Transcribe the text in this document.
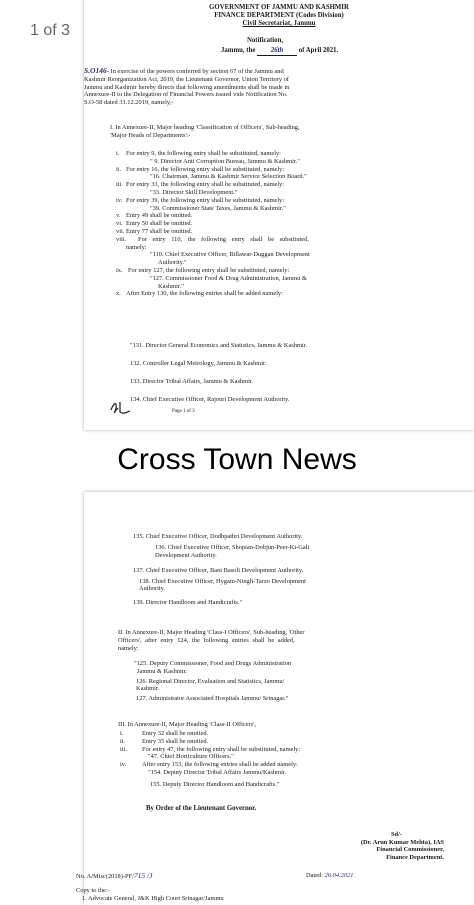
1 of 3
GOVERNMENT OF JAMMU AND KASHMIR
FINANCE DEPARTMENT (Codes Division)
Civil Secretariat, Jammu
Notification,
Jammu, the 26th of April 2021.
S.O146- In exercise of the powers conferred by section 67 of the Jammu and
Kashmir Reorganization Act, 2019, the Lieutenant Governor, Union Territory of
Jammu and Kashmir hereby directs that following amendments shall be made in
Annexure-II to the Delegation of Financial Powers issued vide Notification No.
S.O-58 dated 31.12.2019, namely,-
I. In Annexure-II, Major heading 'Classification of Officers', Sub-heading,
'Major Heads of Departments':-
i. For entry 9, the following entry shall be substituted, namely:
" 9. Director Anti Corruption Bureau, Jammu & Kashmir."
ii. For entry 16, the following entry shall be substituted, namely:
"16. Chairman, Jammu & Kashmir Service Selection Board."
iii. For entry 33, the following entry shall be substituted, namely:
"33. Director Skill Development."
iv. For entry 39, the following entry shall be substituted, namely:
"39. Commissioner State Taxes, Jammu & Kashmir."
v. Entry 49 shall be omitted.
vi. Entry 50 shall be omitted.
vii. Entry 77 shall be omitted.
viii. For entry 110, the following entry shall be substituted,
namely:
"110. Chief Executive Officer, Billawar-Duggan Development
Authority."
ix. For entry 127, the following entry shall be substituted, namely:
"127. Commissioner Food & Drug Administration, Jammu &
Kashmir."
x. After Entry 130, the following entries shall be added namely:
"131. Director General Economics and Statistics, Jammu & Kashmir.
132. Controller Legal Metrology, Jammu & Kashmir.
133. Director Tribal Affairs, Jammu & Kashmir.
134. Chief Executive Officer, Rajouri Development Authority.
Page 1 of 3
Cross Town News
135. Chief Executive Officer, Dodhpathri Development Authority.
136. Chief Executive Officer, Shopian-Dobjun-Peer-Ki-Gali
Development Authority.
137. Chief Executive Officer, Bani Basoli Development Authority.
138. Chief Executive Officer, Hygam-Ningli-Tarzo Development
Authority.
139. Director Handloom and Handicrafts."
II. In Annexure-II, Major Heading 'Class-I Officers', Sub-heading, 'Other
Officers', after entry 124, the following entries shall be added,
namely:
"125. Deputy Commissioner, Food and Drugs Administration
Jammu & Kashmir.
126. Regional Director, Evaluation and Statistics, Jammu/
Kashmir.
127. Administrator Associated Hospitals Jammu/ Srinagar."
III. In Annexure-II, Major Heading 'Class-II Officers',
i.	Entry 32 shall be omitted.
ii.	Entry 35 shall be omitted.
iii. For entry 47, the following entry shall be substituted, namely:
"47. Chief Horticulture Officers."
iv. After entry 153, the following entries shall be added namely:
"154. Deputy Director Tribal Affairs Jammu/Kashmir.
155. Deputy Director Handloom and Handicrafts."
By Order of the Lieutenant Governor.
Sd/-
(Dr. Arun Kumar Mehta), IAS
Financial Commissioner,
Finance Department.
No. A/Misc(2018)-PF/715 /J	Dated: 26.04.2021
Copy to the:-
1. Advocate General, J&K High Court Srinagar/Jammu
